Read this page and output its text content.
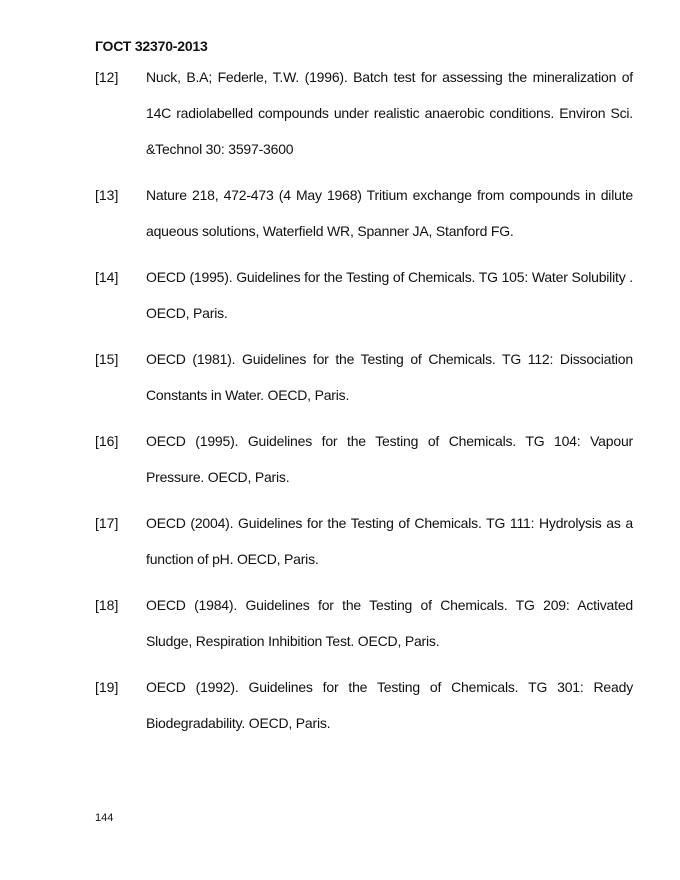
ГОСТ 32370-2013
[12]	Nuck, B.A; Federle, T.W. (1996). Batch test for assessing the mineralization of 14C radiolabelled compounds under realistic anaerobic conditions. Environ Sci. &Technol 30: 3597-3600
[13]	Nature 218, 472-473 (4 May 1968) Tritium exchange from compounds in dilute aqueous solutions, Waterfield WR, Spanner JA, Stanford FG.
[14]	OECD (1995). Guidelines for the Testing of Chemicals. TG 105: Water Solubility . OECD, Paris.
[15]	OECD (1981). Guidelines for the Testing of Chemicals. TG 112: Dissociation Constants in Water. OECD, Paris.
[16]	OECD (1995). Guidelines for the Testing of Chemicals. TG 104: Vapour Pressure. OECD, Paris.
[17]	OECD (2004). Guidelines for the Testing of Chemicals. TG 111: Hydrolysis as a function of pH. OECD, Paris.
[18]	OECD (1984). Guidelines for the Testing of Chemicals. TG 209: Activated Sludge, Respiration Inhibition Test. OECD, Paris.
[19]	OECD (1992). Guidelines for the Testing of Chemicals. TG 301: Ready Biodegradability. OECD, Paris.
144
